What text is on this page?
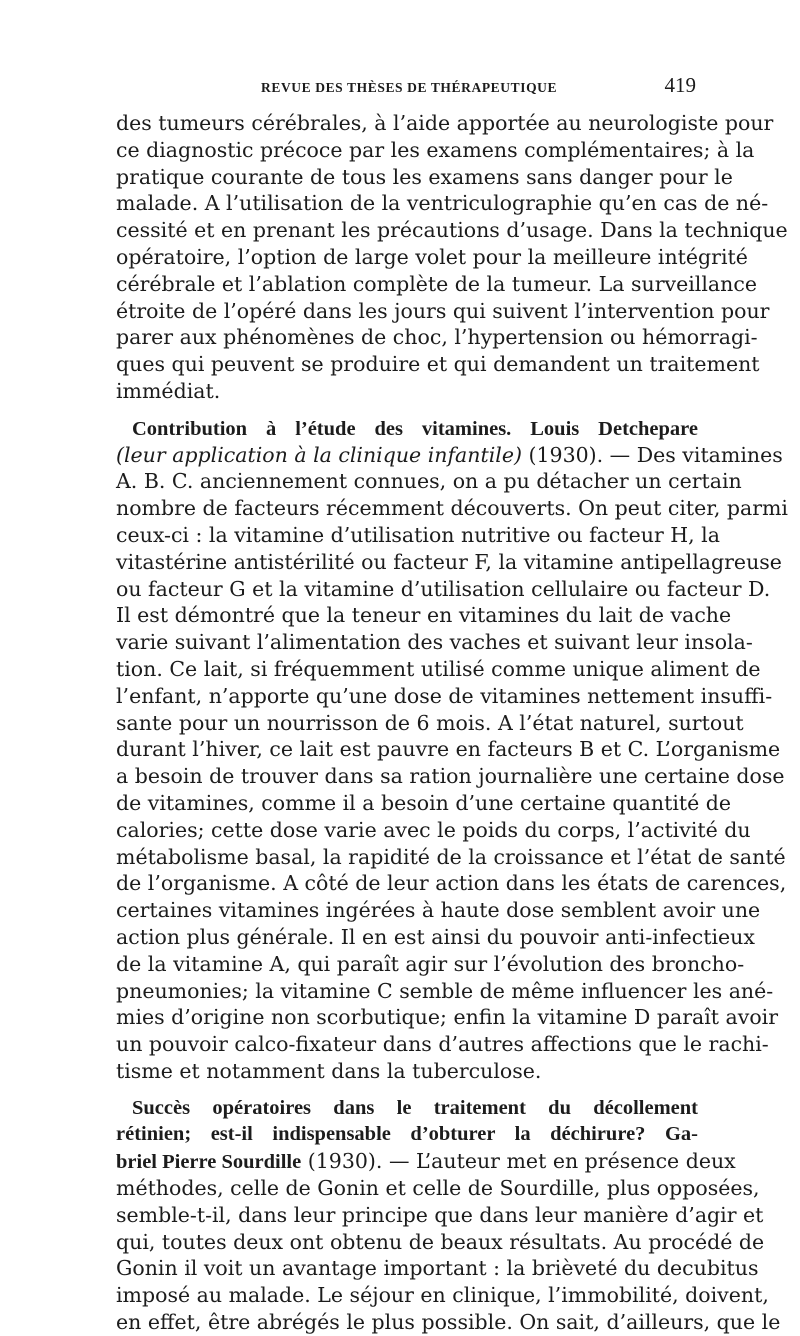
REVUE DES THÈSES DE THÉRAPEUTIQUE	419
des tumeurs cérébrales, à l’aide apportée au neurologiste pour
ce diagnostic précoce par les examens complémentaires; à la
pratique courante de tous les examens sans danger pour le
malade. A l’utilisation de la ventriculographie qu’en cas de né-
cessité et en prenant les précautions d’usage. Dans la technique
opératoire, l’option de large volet pour la meilleure intégrité
cérébrale et l’ablation complète de la tumeur. La surveillance
étroite de l’opéré dans les jours qui suivent l’intervention pour
parer aux phénomènes de choc, l’hypertension ou hémorragi-
ques qui peuvent se produire et qui demandent un traitement
immédiat.
Contribution à l’étude des vitamines. Louis Detchepare
(leur application à la clinique infantile) (1930). — Des vitamines
A. B. C. anciennement connues, on a pu détacher un certain
nombre de facteurs récemment découverts. On peut citer, parmi
ceux-ci : la vitamine d’utilisation nutritive ou facteur H, la
vitastérine antistérilité ou facteur F, la vitamine antipellagreuse
ou facteur G et la vitamine d’utilisation cellulaire ou facteur D.
Il est démontré que la teneur en vitamines du lait de vache
varie suivant l’alimentation des vaches et suivant leur insola-
tion. Ce lait, si fréquemment utilisé comme unique aliment de
l’enfant, n’apporte qu’une dose de vitamines nettement insuffi-
sante pour un nourrisson de 6 mois. A l’état naturel, surtout
durant l’hiver, ce lait est pauvre en facteurs B et C. L’organisme
a besoin de trouver dans sa ration journalière une certaine dose
de vitamines, comme il a besoin d’une certaine quantité de
calories; cette dose varie avec le poids du corps, l’activité du
métabolisme basal, la rapidité de la croissance et l’état de santé
de l’organisme. A côté de leur action dans les états de carences,
certaines vitamines ingérées à haute dose semblent avoir une
action plus générale. Il en est ainsi du pouvoir anti-infectieux
de la vitamine A, qui paraît agir sur l’évolution des broncho-
pneumonies; la vitamine C semble de même influencer les ané-
mies d’origine non scorbutique; enfin la vitamine D paraît avoir
un pouvoir calco-fixateur dans d’autres affections que le rachi-
tisme et notamment dans la tuberculose.
Succès opératoires dans le traitement du décollement
rétinien; est-il indispensable d’obturer la déchirure? Ga-
briel Pierre Sourdille (1930). — L’auteur met en présence deux
méthodes, celle de Gonin et celle de Sourdille, plus opposées,
semble-t-il, dans leur principe que dans leur manière d’agir et
qui, toutes deux ont obtenu de beaux résultats. Au procédé de
Gonin il voit un avantage important : la brièveté du decubitus
imposé au malade. Le séjour en clinique, l’immobilité, doivent,
en effet, être abrégés le plus possible. On sait, d’ailleurs, que le
